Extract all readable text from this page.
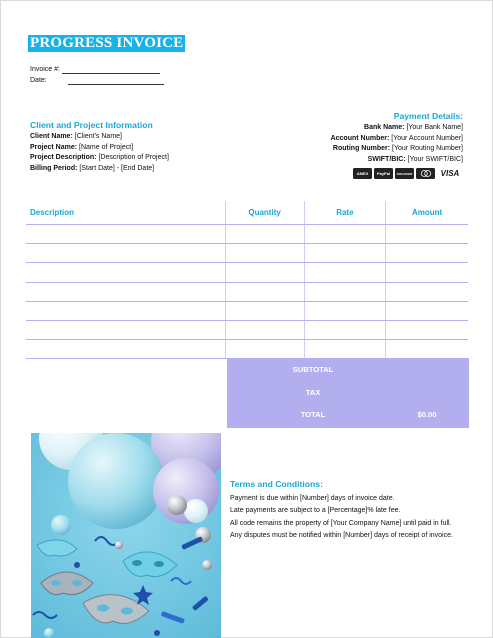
PROGRESS INVOICE
Invoice #:
Date:
Client and Project Information
Client Name: [Client's Name]
Project Name: [Name of Project]
Project Description: [Description of Project]
Billing Period: [Start Date] - [End Date]
Payment Details:
Bank Name: [Your Bank Name]
Account Number: [Your Account Number]
Routing Number: [Your Routing Number]
SWIFT/BIC: [Your SWIFT/BIC]
AMEX	PayPal	DISCOVER	VISA
Description	Quantity	Rate	Amount

SUBTOTAL
TAX
TOTAL	$0.00
Terms and Conditions:

Payment is due within [Number] days of invoice date.

Late payments are subject to a [Percentage]% late fee.

All code remains the property of [Your Company Name] until paid in full.

Any disputes must be notified within [Number] days of receipt of invoice.
